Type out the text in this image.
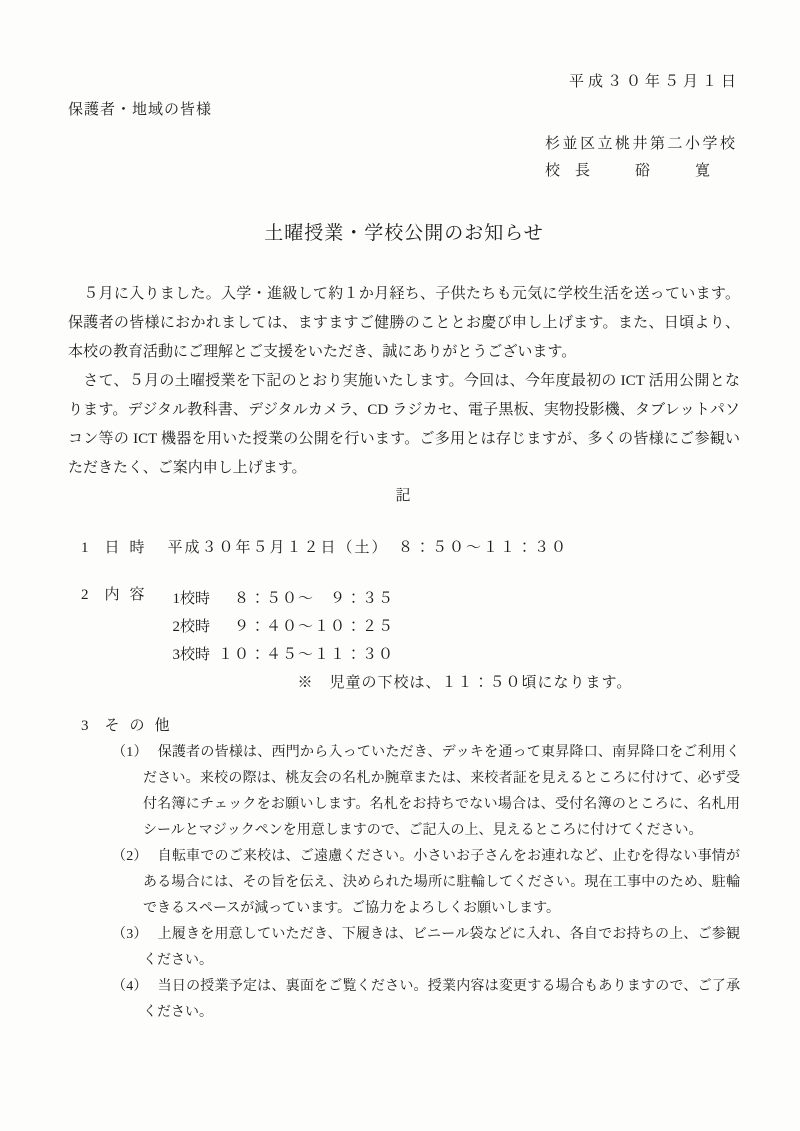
平成３０年５月１日
保護者・地域の皆様
杉並区立桃井第二小学校
校　長　　　硲　　　寛
土曜授業・学校公開のお知らせ

　５月に入りました。入学・進級して約１か月経ち、子供たちも元気に学校生活を送っています。保護者の皆様におかれましては、ますますご健勝のこととお慶び申し上げます。また、日頃より、本校の教育活動にご理解とご支援をいただき、誠にありがとうございます。

　さて、５月の土曜授業を下記のとおり実施いたします。今回は、今年度最初の ICT 活用公開となります。デジタル教科書、デジタルカメラ、CD ラジカセ、電子黒板、実物投影機、タブレットパソコン等の ICT 機器を用いた授業の公開を行います。ご多用とは存じますが、多くの皆様にご参観いただきたく、ご案内申し上げます。

記
1 日時 平成３０年５月１２日（土）　８：５０～１１：３０
2 内容 1校時　８：５０～　９：３５
2校時　９：４０～１０：２５
3校時 １０：４５～１１：３０
※　児童の下校は、１１：５０頃になります。
3 その他

（1） 保護者の皆様は、西門から入っていただき、デッキを通って東昇降口、南昇降口をご利用ください。来校の際は、桃友会の名札か腕章または、来校者証を見えるところに付けて、必ず受付名簿にチェックをお願いします。名札をお持ちでない場合は、受付名簿のところに、名札用シールとマジックペンを用意しますので、ご記入の上、見えるところに付けてください。

（2） 自転車でのご来校は、ご遠慮ください。小さいお子さんをお連れなど、止むを得ない事情がある場合には、その旨を伝え、決められた場所に駐輪してください。現在工事中のため、駐輪できるスペースが減っています。ご協力をよろしくお願いします。

（3） 上履きを用意していただき、下履きは、ビニール袋などに入れ、各自でお持ちの上、ご参観ください。

（4） 当日の授業予定は、裏面をご覧ください。授業内容は変更する場合もありますので、ご了承ください。
